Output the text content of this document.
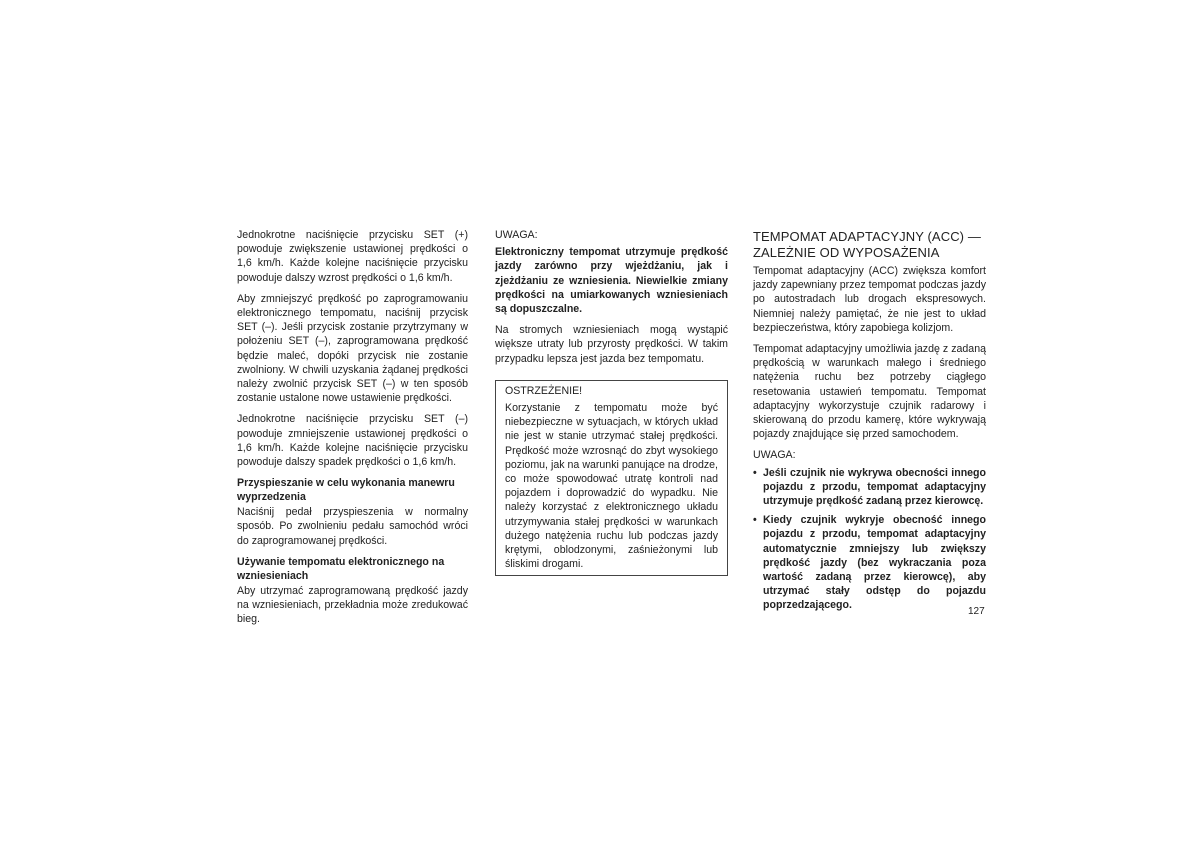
Jednokrotne naciśnięcie przycisku SET (+) powoduje zwiększenie ustawionej prędkości o 1,6 km/h. Każde kolejne naciśnięcie przycisku powoduje dalszy wzrost prędkości o 1,6 km/h.

Aby zmniejszyć prędkość po zaprogramowaniu elektronicznego tempomatu, naciśnij przycisk SET (–). Jeśli przycisk zostanie przytrzymany w położeniu SET (–), zaprogramowana prędkość będzie maleć, dopóki przycisk nie zostanie zwolniony. W chwili uzyskania żądanej prędkości należy zwolnić przycisk SET (–) w ten sposób zostanie ustalone nowe ustawienie prędkości.

Jednokrotne naciśnięcie przycisku SET (–) powoduje zmniejszenie ustawionej prędkości o 1,6 km/h. Każde kolejne naciśnięcie przycisku powoduje dalszy spadek prędkości o 1,6 km/h.

Przyspieszanie w celu wykonania manewru wyprzedzenia

Naciśnij pedał przyspieszenia w normalny sposób. Po zwolnieniu pedału samochód wróci do zaprogramowanej prędkości.

Używanie tempomatu elektronicznego na wzniesieniach

Aby utrzymać zaprogramowaną prędkość jazdy na wzniesieniach, przekładnia może zredukować bieg.

UWAGA:

Elektroniczny tempomat utrzymuje prędkość jazdy zarówno przy wjeżdżaniu, jak i zjeżdżaniu ze wzniesienia. Niewielkie zmiany prędkości na umiarkowanych wzniesieniach są dopuszczalne.

Na stromych wzniesieniach mogą wystąpić większe utraty lub przyrosty prędkości. W takim przypadku lepsza jest jazda bez tempomatu.

OSTRZEŻENIE!

Korzystanie z tempomatu może być niebezpieczne w sytuacjach, w których układ nie jest w stanie utrzymać stałej prędkości. Prędkość może wzrosnąć do zbyt wysokiego poziomu, jak na warunki panujące na drodze, co może spowodować utratę kontroli nad pojazdem i doprowadzić do wypadku. Nie należy korzystać z elektronicznego układu utrzymywania stałej prędkości w warunkach dużego natężenia ruchu lub podczas jazdy krętymi, oblodzonymi, zaśnieżonymi lub śliskimi drogami.

TEMPOMAT ADAPTACYJNY (ACC) —
ZALEŻNIE OD WYPOSAŻENIA

Tempomat adaptacyjny (ACC) zwiększa komfort jazdy zapewniany przez tempomat podczas jazdy po autostradach lub drogach ekspresowych. Niemniej należy pamiętać, że nie jest to układ bezpieczeństwa, który zapobiega kolizjom.

Tempomat adaptacyjny umożliwia jazdę z zadaną prędkością w warunkach małego i średniego natężenia ruchu bez potrzeby ciągłego resetowania ustawień tempomatu. Tempomat adaptacyjny wykorzystuje czujnik radarowy i skierowaną do przodu kamerę, które wykrywają pojazdy znajdujące się przed samochodem.

UWAGA:
• Jeśli czujnik nie wykrywa obecności innego pojazdu z przodu, tempomat adaptacyjny utrzymuje prędkość zadaną przez kierowcę.
• Kiedy czujnik wykryje obecność innego pojazdu z przodu, tempomat adaptacyjny automatycznie zmniejszy lub zwiększy prędkość jazdy (bez wykraczania poza wartość zadaną przez kierowcę), aby utrzymać stały odstęp do pojazdu poprzedzającego.
127
